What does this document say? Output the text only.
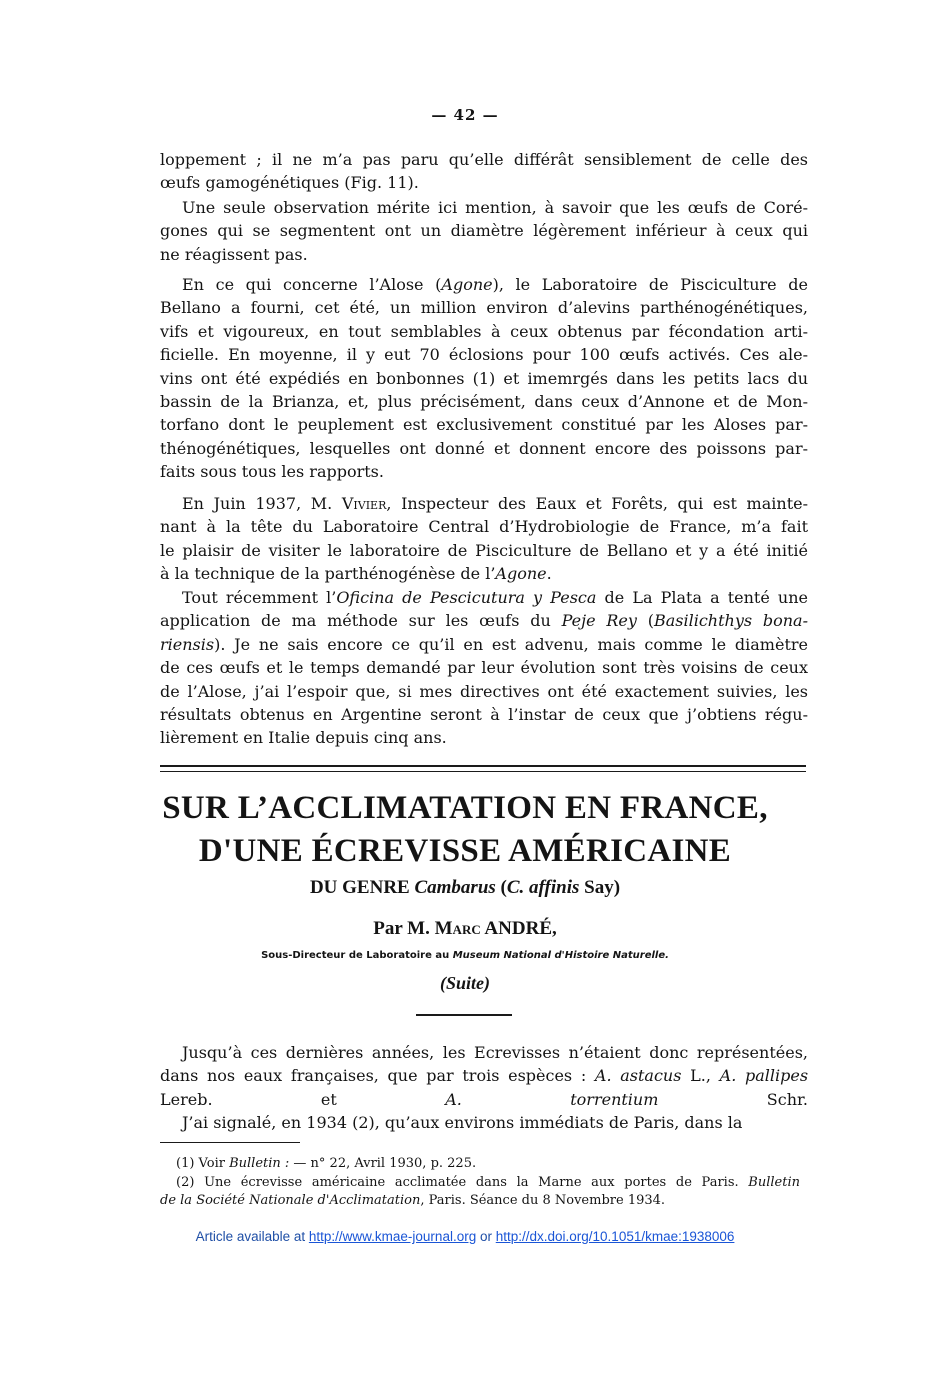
— 42 —
loppement ; il ne m’a pas paru qu’elle différât sensiblement de celle des
œufs gamogénétiques (Fig. 11).
Une seule observation mérite ici mention, à savoir que les œufs de Coré-
gones qui se segmentent ont un diamètre légèrement inférieur à ceux qui
ne réagissent pas.
En ce qui concerne l’Alose (Agone), le Laboratoire de Pisciculture de
Bellano a fourni, cet été, un million environ d’alevins parthénogénétiques,
vifs et vigoureux, en tout semblables à ceux obtenus par fécondation arti-
ficielle. En moyenne, il y eut 70 éclosions pour 100 œufs activés. Ces ale-
vins ont été expédiés en bonbonnes (1) et imemrgés dans les petits lacs du
bassin de la Brianza, et, plus précisément, dans ceux d’Annone et de Mon-
torfano dont le peuplement est exclusivement constitué par les Aloses par-
thénogénétiques, lesquelles ont donné et donnent encore des poissons par-
faits sous tous les rapports.
En Juin 1937, M. Vivier, Inspecteur des Eaux et Forêts, qui est mainte-
nant à la tête du Laboratoire Central d’Hydrobiologie de France, m’a fait
le plaisir de visiter le laboratoire de Pisciculture de Bellano et y a été initié
à la technique de la parthénogénèse de l’Agone.
Tout récemment l’Oficina de Pescicutura y Pesca de La Plata a tenté une
application de ma méthode sur les œufs du Peje Rey (Basilichthys bona-
riensis). Je ne sais encore ce qu’il en est advenu, mais comme le diamètre
de ces œufs et le temps demandé par leur évolution sont très voisins de ceux
de l’Alose, j’ai l’espoir que, si mes directives ont été exactement suivies, les
résultats obtenus en Argentine seront à l’instar de ceux que j’obtiens régu-
lièrement en Italie depuis cinq ans.
Jusqu’à ces dernières années, les Ecrevisses n’étaient donc représentées,
dans nos eaux françaises, que par trois espèces : A. astacus L., A. pallipes
Lereb. et A. torrentium Schr.
J’ai signalé, en 1934 (2), qu’aux environs immédiats de Paris, dans la
SUR L’ACCLIMATATION EN FRANCE,
D'UNE ÉCREVISSE AMÉRICAINE
DU GENRE Cambarus (C. affinis Say)
Par M. Marc ANDRÉ,
Sous-Directeur de Laboratoire au Museum National d'Histoire Naturelle.
(Suite)
(1) Voir Bulletin : — n° 22, Avril 1930, p. 225.
(2) Une écrevisse américaine acclimatée dans la Marne aux portes de Paris. Bulletin
de la Société Nationale d'Acclimatation, Paris. Séance du 8 Novembre 1934.
Article available at http://www.kmae-journal.org or http://dx.doi.org/10.1051/kmae:1938006
